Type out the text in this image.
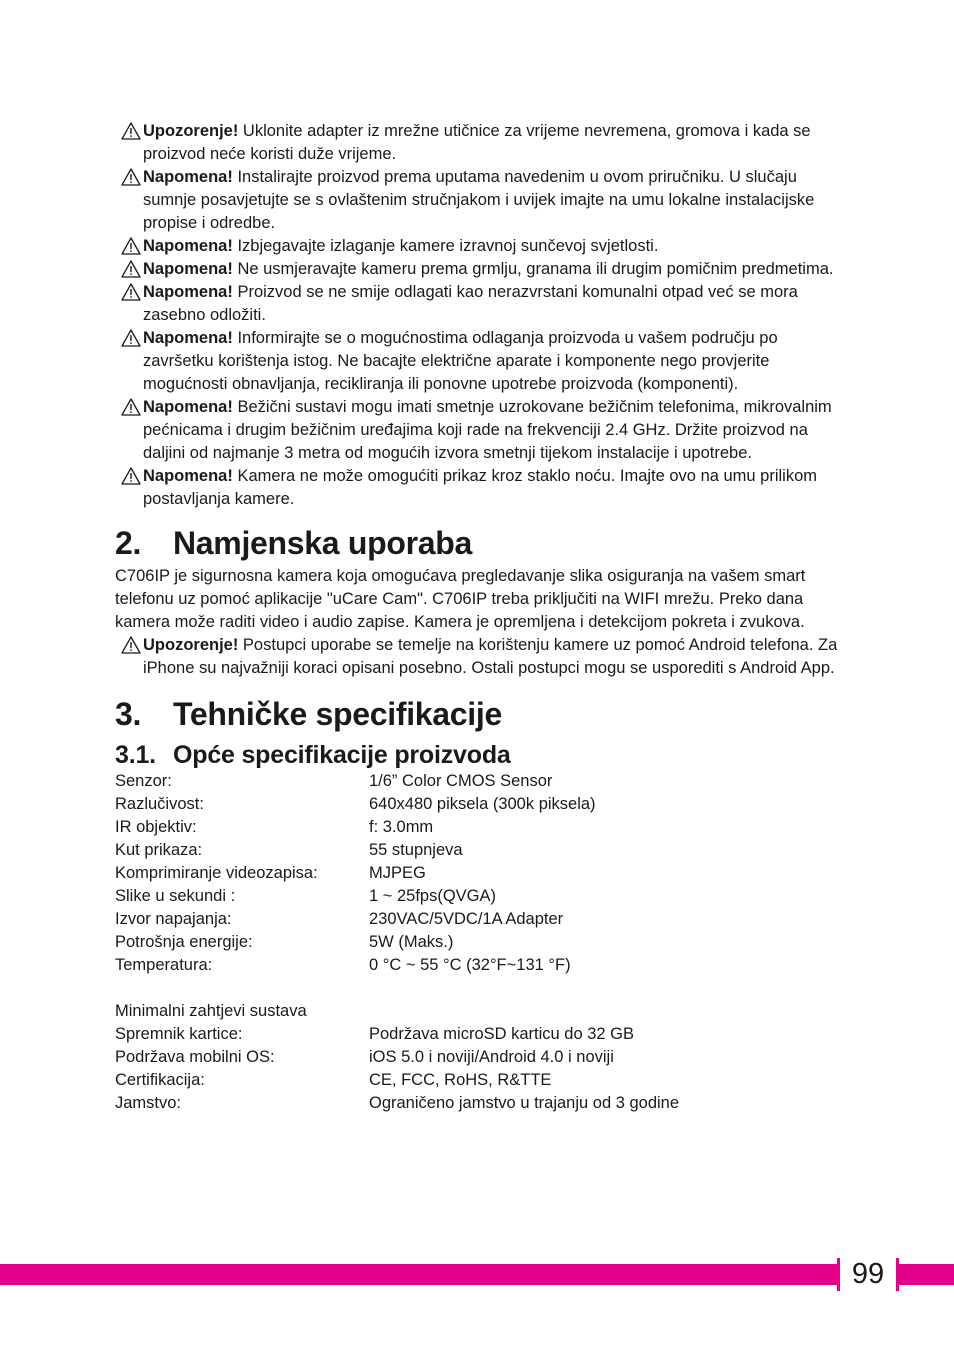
Upozorenje! Uklonite adapter iz mrežne utičnice za vrijeme nevremena, gromova i kada se proizvod neće koristi duže vrijeme.
Napomena! Instalirajte proizvod prema uputama navedenim u ovom priručniku. U slučaju sumnje posavjetujte se s ovlaštenim stručnjakom i uvijek imajte na umu lokalne instalacijske propise i odredbe.
Napomena! Izbjegavajte izlaganje kamere izravnoj sunčevoj svjetlosti.
Napomena! Ne usmjeravajte kameru prema grmlju, granama ili drugim pomičnim predmetima.
Napomena! Proizvod se ne smije odlagati kao nerazvrstani komunalni otpad već se mora zasebno odložiti.
Napomena! Informirajte se o mogućnostima odlaganja proizvoda u vašem području po završetku korištenja istog. Ne bacajte električne aparate i komponente nego provjerite mogućnosti obnavljanja, recikliranja ili ponovne upotrebe proizvoda (komponenti).
Napomena! Bežični sustavi mogu imati smetnje uzrokovane bežičnim telefonima, mikrovalnim pećnicama i drugim bežičnim uređajima koji rade na frekvenciji 2.4 GHz. Držite proizvod na daljini od najmanje 3 metra od mogućih izvora smetnji tijekom instalacije i upotrebe.
Napomena! Kamera ne može omogućiti prikaz kroz staklo noću. Imajte ovo na umu prilikom postavljanja kamere.
2. Namjenska uporaba

C706IP je sigurnosna kamera koja omogućava pregledavanje slika osiguranja na vašem smart telefonu uz pomoć aplikacije "uCare Cam". C706IP treba priključiti na WIFI mrežu. Preko dana kamera može raditi video i audio zapise. Kamera je opremljena i detekcijom pokreta i zvukova.

Upozorenje! Postupci uporabe se temelje na korištenju kamere uz pomoć Android telefona. Za iPhone su najvažniji koraci opisani posebno. Ostali postupci mogu se usporediti s Android App.
3. Tehničke specifikacije
3.1. Opće specifikacije proizvoda
Senzor:	1/6” Color CMOS Sensor
Razlučivost:	640x480 piksela (300k piksela)
IR objektiv:	f: 3.0mm
Kut prikaza:	55 stupnjeva
Komprimiranje videozapisa:	MJPEG
Slike u sekundi :	1 ~ 25fps(QVGA)
Izvor napajanja:	230VAC/5VDC/1A Adapter
Potrošnja energije:	5W (Maks.)
Temperatura:	0 °C ~ 55 °C (32°F~131 °F)
Minimalni zahtjevi sustava
Spremnik kartice:	Podržava microSD karticu do 32 GB
Podržava mobilni OS:	iOS 5.0 i noviji/Android 4.0 i noviji
Certifikacija:	CE, FCC, RoHS, R&TTE
Jamstvo:	Ograničeno jamstvo u trajanju od 3 godine
99
